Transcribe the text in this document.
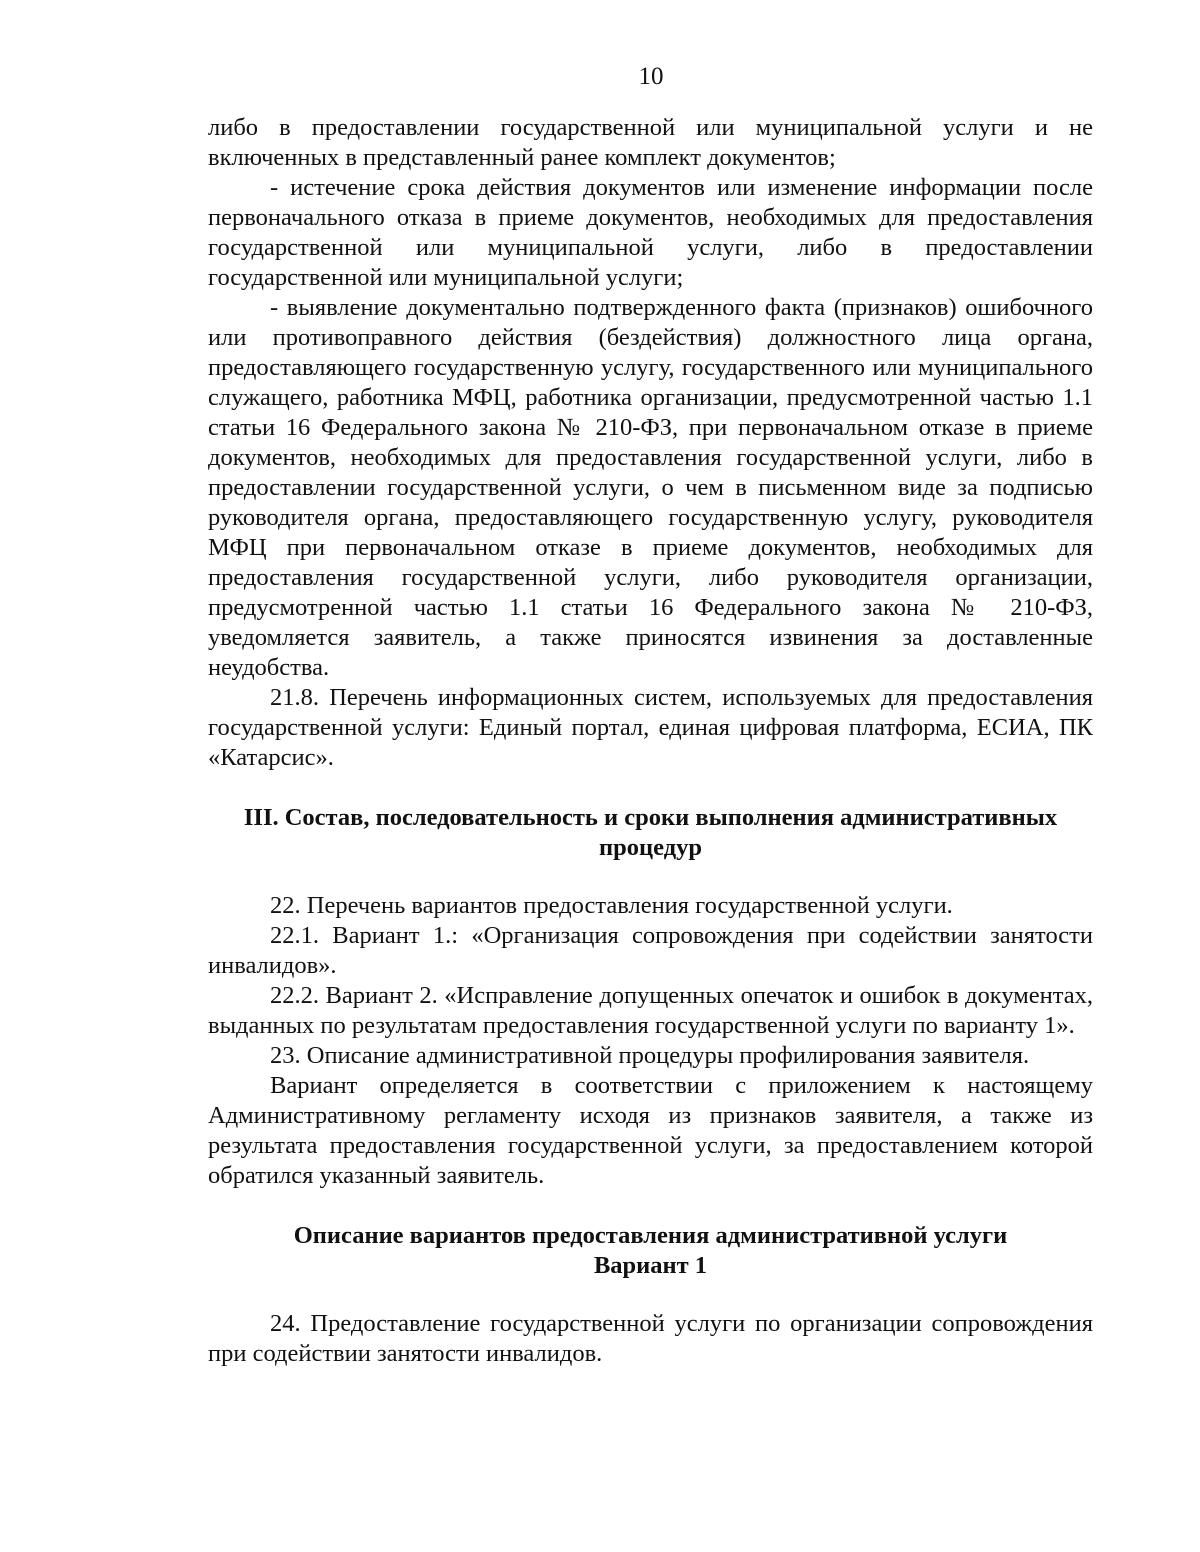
10

либо в предоставлении государственной или муниципальной услуги и не включенных в представленный ранее комплект документов;

- истечение срока действия документов или изменение информации после первоначального отказа в приеме документов, необходимых для предоставления государственной или муниципальной услуги, либо в предоставлении государственной или муниципальной услуги;

- выявление документально подтвержденного факта (признаков) ошибочного или противоправного действия (бездействия) должностного лица органа, предоставляющего государственную услугу, государственного или муниципального служащего, работника МФЦ, работника организации, предусмотренной частью 1.1 статьи 16 Федерального закона № 210-ФЗ, при первоначальном отказе в приеме документов, необходимых для предоставления государственной услуги, либо в предоставлении государственной услуги, о чем в письменном виде за подписью руководителя органа, предоставляющего государственную услугу, руководителя МФЦ при первоначальном отказе в приеме документов, необходимых для предоставления государственной услуги, либо руководителя организации, предусмотренной частью 1.1 статьи 16 Федерального закона № 210-ФЗ, уведомляется заявитель, а также приносятся извинения за доставленные неудобства.

21.8. Перечень информационных систем, используемых для предоставления государственной услуги: Единый портал, единая цифровая платформа, ЕСИА, ПК «Катарсис».

III. Состав, последовательность и сроки выполнения административных процедур

22. Перечень вариантов предоставления государственной услуги.

22.1. Вариант 1.: «Организация сопровождения при содействии занятости инвалидов».

22.2. Вариант 2. «Исправление допущенных опечаток и ошибок в документах, выданных по результатам предоставления государственной услуги по варианту 1».

23. Описание административной процедуры профилирования заявителя.

Вариант определяется в соответствии с приложением к настоящему Административному регламенту исходя из признаков заявителя, а также из результата предоставления государственной услуги, за предоставлением которой обратился указанный заявитель.

Описание вариантов предоставления административной услуги
Вариант 1

24. Предоставление государственной услуги по организации сопровождения при содействии занятости инвалидов.
